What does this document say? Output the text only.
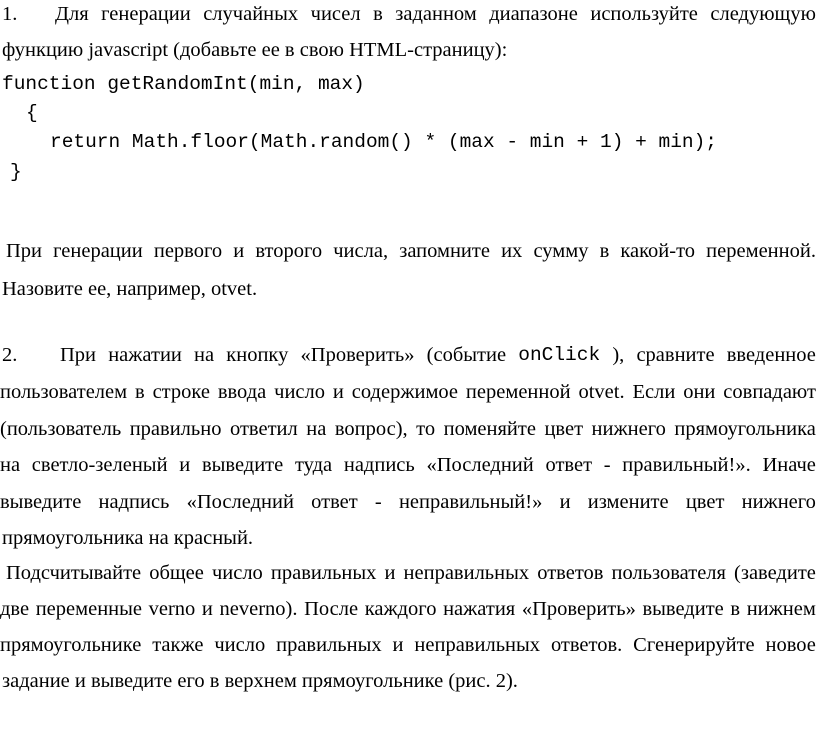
1. Для генерации случайных чисел в заданном диапазоне используйте следующую
функцию javascript (добавьте ее в свою HTML-страницу):
function getRandomInt(min, max)
{
return Math.floor(Math.random() * (max - min + 1) + min);
}
При генерации первого и второго числа, запомните их сумму в какой-то переменной.
Назовите ее, например, otvet.
2. При нажатии на кнопку «Проверить» (событие onClick ), сравните введенное
пользователем в строке ввода число и содержимое переменной otvet. Если они совпадают
(пользователь правильно ответил на вопрос), то поменяйте цвет нижнего прямоугольника
на светло-зеленый и выведите туда надпись «Последний ответ - правильный!». Иначе
выведите надпись «Последний ответ - неправильный!» и измените цвет нижнего
прямоугольника на красный.
Подсчитывайте общее число правильных и неправильных ответов пользователя (заведите
две переменные verno и neverno). После каждого нажатия «Проверить» выведите в нижнем
прямоугольнике также число правильных и неправильных ответов. Сгенерируйте новое
задание и выведите его в верхнем прямоугольнике (рис. 2).
